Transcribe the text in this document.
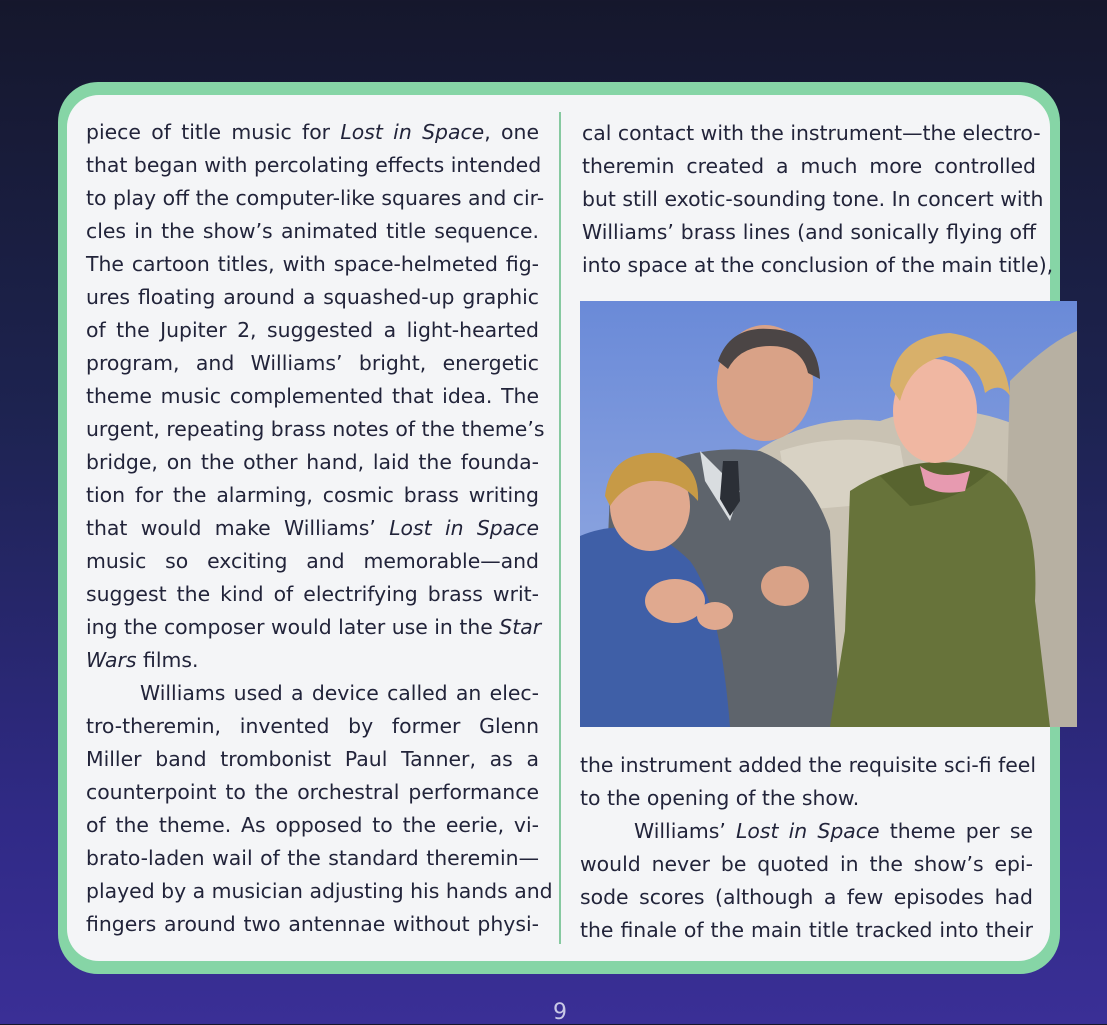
piece of title music for Lost in Space, one
that began with percolating effects intended
to play off the computer-like squares and cir-
cles in the show’s animated title sequence.
The cartoon titles, with space-helmeted fig-
ures floating around a squashed-up graphic
of the Jupiter 2, suggested a light-hearted
program, and Williams’ bright, energetic
theme music complemented that idea. The
urgent, repeating brass notes of the theme’s
bridge, on the other hand, laid the founda-
tion for the alarming, cosmic brass writing
that would make Williams’ Lost in Space
music so exciting and memorable—and
suggest the kind of electrifying brass writ-
ing the composer would later use in the Star
Wars films.
Williams used a device called an elec-
tro-theremin, invented by former Glenn
Miller band trombonist Paul Tanner, as a
counterpoint to the orchestral performance
of the theme. As opposed to the eerie, vi-
brato-laden wail of the standard theremin—
played by a musician adjusting his hands and
fingers around two antennae without physi-
cal contact with the instrument—the electro-
theremin created a much more controlled
but still exotic-sounding tone. In concert with
Williams’ brass lines (and sonically flying off
into space at the conclusion of the main title),
the instrument added the requisite sci-fi feel
to the opening of the show.
Williams’ Lost in Space theme per se
would never be quoted in the show’s epi-
sode scores (although a few episodes had
the finale of the main title tracked into their
9
